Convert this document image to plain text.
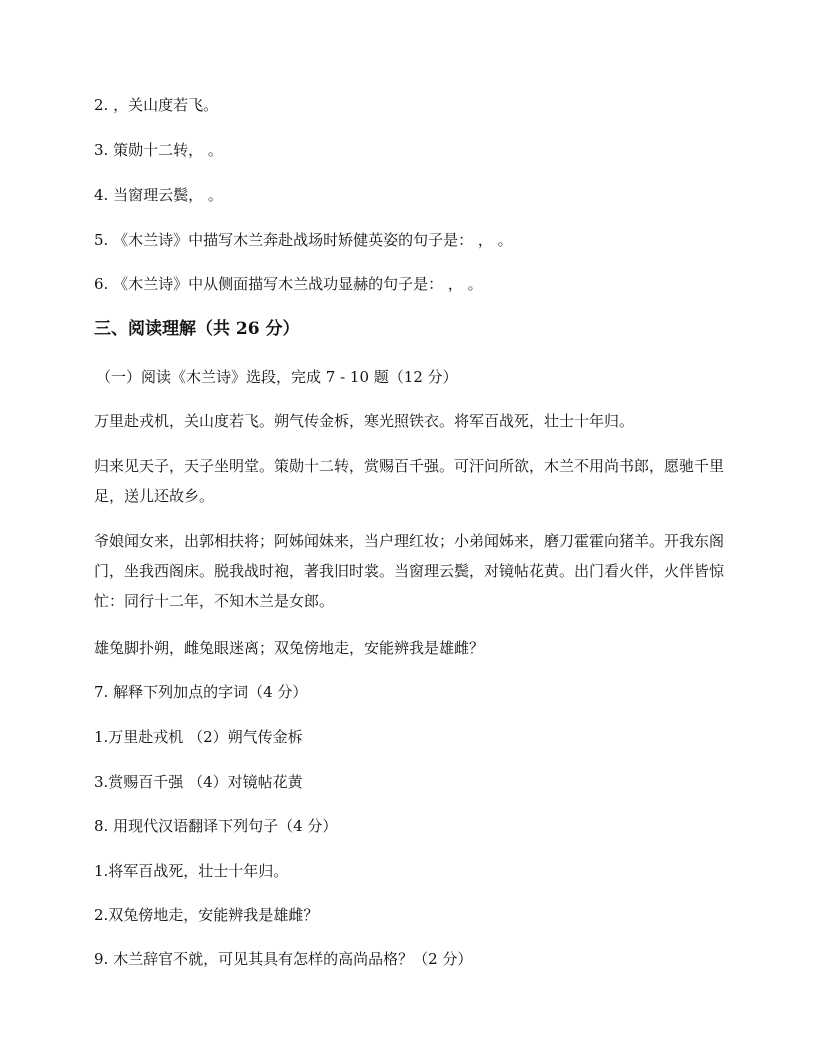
2. ，关山度若飞。
3. 策勋十二转， 。
4. 当窗理云鬓， 。
5. 《木兰诗》中描写木兰奔赴战场时矫健英姿的句子是： ， 。
6. 《木兰诗》中从侧面描写木兰战功显赫的句子是： ， 。
三、阅读理解（共 26 分）
（一）阅读《木兰诗》选段，完成 7 - 10 题（12 分）
万里赴戎机，关山度若飞。朔气传金柝，寒光照铁衣。将军百战死，壮士十年归。
归来见天子，天子坐明堂。策勋十二转，赏赐百千强。可汗问所欲，木兰不用尚书郎，愿驰千里足，送儿还故乡。
爷娘闻女来，出郭相扶将；阿姊闻妹来，当户理红妆；小弟闻姊来，磨刀霍霍向猪羊。开我东阁门，坐我西阁床。脱我战时袍，著我旧时裳。当窗理云鬓，对镜帖花黄。出门看火伴，火伴皆惊忙：同行十二年，不知木兰是女郎。
雄兔脚扑朔，雌兔眼迷离；双兔傍地走，安能辨我是雄雌？
7. 解释下列加点的字词（4 分）
1.万里赴戎机 （2）朔气传金柝
3.赏赐百千强 （4）对镜帖花黄
8. 用现代汉语翻译下列句子（4 分）
1.将军百战死，壮士十年归。
2.双兔傍地走，安能辨我是雄雌？
9. 木兰辞官不就，可见其具有怎样的高尚品格？（2 分）
